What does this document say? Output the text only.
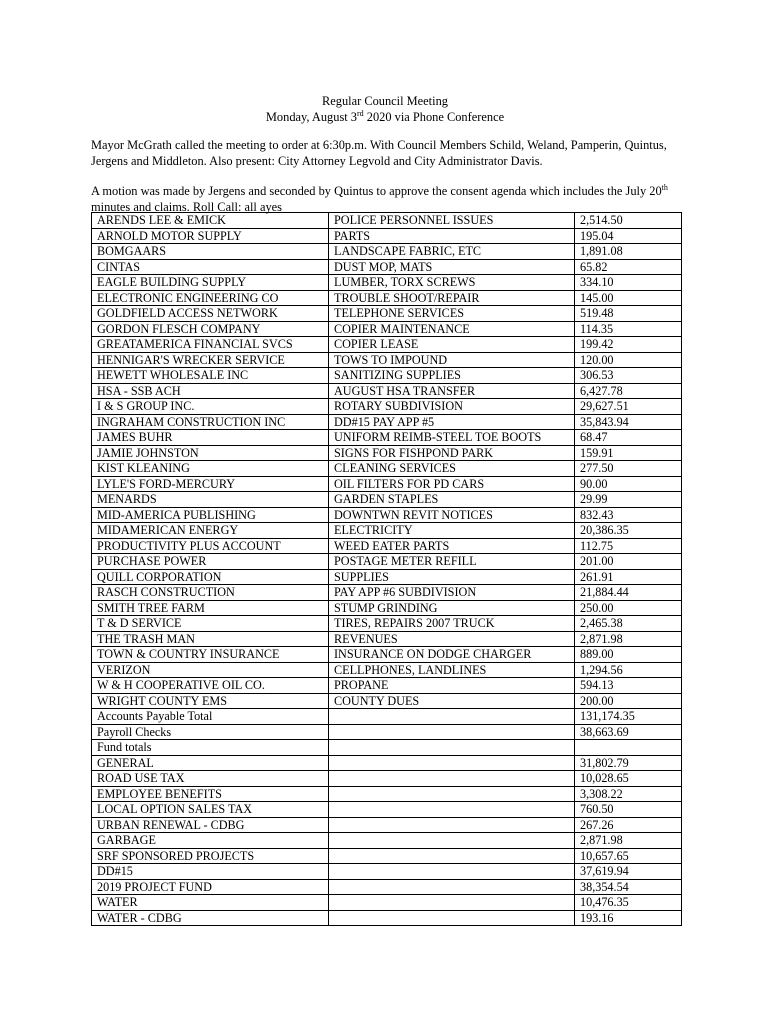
Regular Council Meeting
Monday, August 3rd 2020 via Phone Conference
Mayor McGrath called the meeting to order at 6:30p.m. With Council Members Schild, Weland, Pamperin, Quintus, Jergens and Middleton. Also present: City Attorney Legvold and City Administrator Davis.
A motion was made by Jergens and seconded by Quintus to approve the consent agenda which includes the July 20th minutes and claims. Roll Call: all ayes
ARENDS LEE & EMICK	POLICE PERSONNEL ISSUES	2,514.50
ARNOLD MOTOR SUPPLY	PARTS	195.04
BOMGAARS	LANDSCAPE FABRIC, ETC	1,891.08
CINTAS	DUST MOP, MATS	65.82
EAGLE BUILDING SUPPLY	LUMBER, TORX SCREWS	334.10
ELECTRONIC ENGINEERING CO	TROUBLE SHOOT/REPAIR	145.00
GOLDFIELD ACCESS NETWORK	TELEPHONE SERVICES	519.48
GORDON FLESCH COMPANY	COPIER MAINTENANCE	114.35
GREATAMERICA FINANCIAL SVCS	COPIER LEASE	199.42
HENNIGAR'S WRECKER SERVICE	TOWS TO IMPOUND	120.00
HEWETT WHOLESALE INC	SANITIZING SUPPLIES	306.53
HSA - SSB ACH	AUGUST HSA TRANSFER	6,427.78
I & S GROUP INC.	ROTARY SUBDIVISION	29,627.51
INGRAHAM CONSTRUCTION INC	DD#15 PAY APP #5	35,843.94
JAMES BUHR	UNIFORM REIMB-STEEL TOE BOOTS	68.47
JAMIE JOHNSTON	SIGNS FOR FISHPOND PARK	159.91
KIST KLEANING	CLEANING SERVICES	277.50
LYLE'S FORD-MERCURY	OIL FILTERS FOR PD CARS	90.00
MENARDS	GARDEN STAPLES	29.99
MID-AMERICA PUBLISHING	DOWNTWN REVIT NOTICES	832.43
MIDAMERICAN ENERGY	ELECTRICITY	20,386.35
PRODUCTIVITY PLUS ACCOUNT	WEED EATER PARTS	112.75
PURCHASE POWER	POSTAGE METER REFILL	201.00
QUILL CORPORATION	SUPPLIES	261.91
RASCH CONSTRUCTION	PAY APP #6 SUBDIVISION	21,884.44
SMITH TREE FARM	STUMP GRINDING	250.00
T & D SERVICE	TIRES, REPAIRS 2007 TRUCK	2,465.38
THE TRASH MAN	REVENUES	2,871.98
TOWN & COUNTRY INSURANCE	INSURANCE ON DODGE CHARGER	889.00
VERIZON	CELLPHONES, LANDLINES	1,294.56
W & H COOPERATIVE OIL CO.	PROPANE	594.13
WRIGHT COUNTY EMS	COUNTY DUES	200.00
Accounts Payable Total		131,174.35
Payroll Checks		38,663.69
Fund totals		
GENERAL		31,802.79
ROAD USE TAX		10,028.65
EMPLOYEE BENEFITS		3,308.22
LOCAL OPTION SALES TAX		760.50
URBAN RENEWAL - CDBG		267.26
GARBAGE		2,871.98
SRF SPONSORED PROJECTS		10,657.65
DD#15		37,619.94
2019 PROJECT FUND		38,354.54
WATER		10,476.35
WATER - CDBG		193.16
